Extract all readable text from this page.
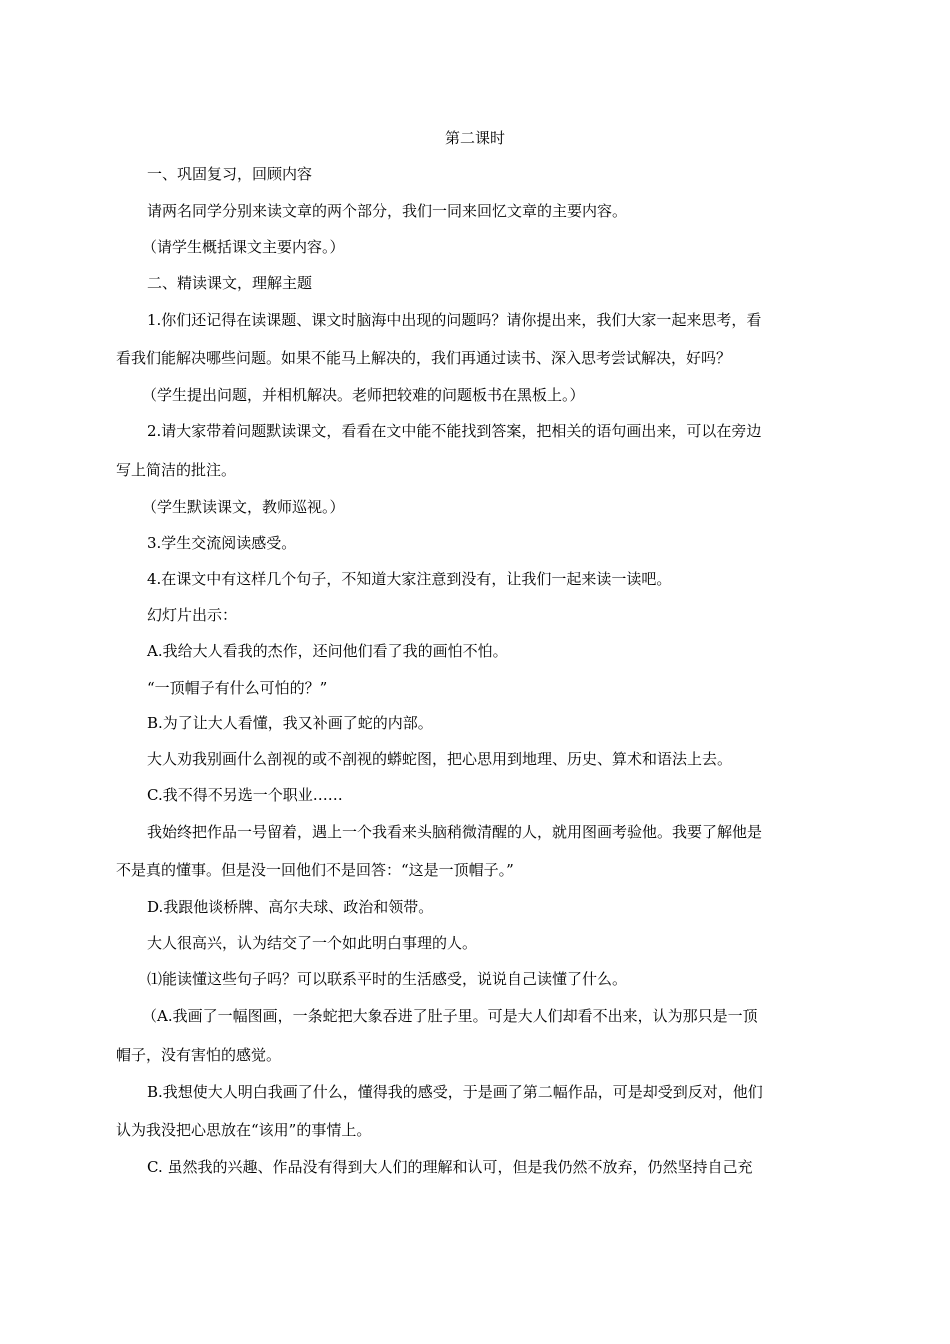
第二课时
一、巩固复习，回顾内容
请两名同学分别来读文章的两个部分，我们一同来回忆文章的主要内容。
（请学生概括课文主要内容。）
二、精读课文，理解主题
1.你们还记得在读课题、课文时脑海中出现的问题吗？请你提出来，我们大家一起来思考，看
看我们能解决哪些问题。如果不能马上解决的，我们再通过读书、深入思考尝试解决，好吗？
（学生提出问题，并相机解决。老师把较难的问题板书在黑板上。）
2.请大家带着问题默读课文，看看在文中能不能找到答案，把相关的语句画出来，可以在旁边
写上简洁的批注。
（学生默读课文，教师巡视。）
3.学生交流阅读感受。
4.在课文中有这样几个句子，不知道大家注意到没有，让我们一起来读一读吧。
幻灯片出示：
A.我给大人看我的杰作，还问他们看了我的画怕不怕。
“一顶帽子有什么可怕的？”
B.为了让大人看懂，我又补画了蛇的内部。
大人劝我别画什么剖视的或不剖视的蟒蛇图，把心思用到地理、历史、算术和语法上去。
C.我不得不另选一个职业……
我始终把作品一号留着，遇上一个我看来头脑稍微清醒的人，就用图画考验他。我要了解他是
不是真的懂事。但是没一回他们不是回答：“这是一顶帽子。”
D.我跟他谈桥牌、高尔夫球、政治和领带。
大人很高兴，认为结交了一个如此明白事理的人。
⑴能读懂这些句子吗？可以联系平时的生活感受，说说自己读懂了什么。
（A.我画了一幅图画，一条蛇把大象吞进了肚子里。可是大人们却看不出来，认为那只是一顶
帽子，没有害怕的感觉。
B.我想使大人明白我画了什么，懂得我的感受，于是画了第二幅作品，可是却受到反对，他们
认为我没把心思放在“该用”的事情上。
C. 虽然我的兴趣、作品没有得到大人们的理解和认可，但是我仍然不放弃，仍然坚持自己充
